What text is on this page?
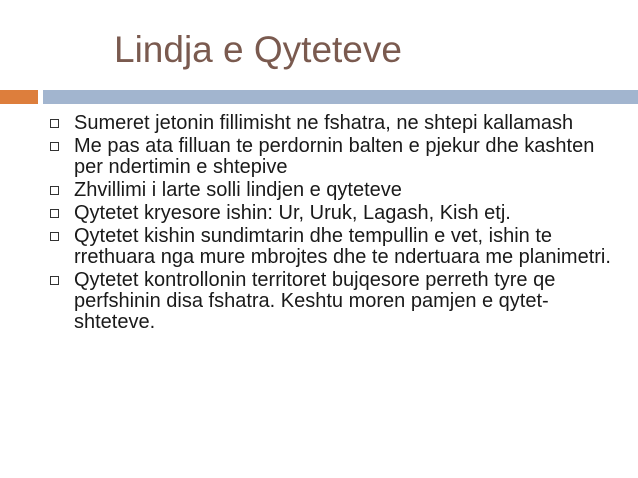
Lindja e Qyteteve
Sumeret jetonin fillimisht ne fshatra, ne shtepi kallamash
Me pas ata filluan te perdornin balten e pjekur dhe kashten per ndertimin e shtepive
Zhvillimi i larte solli lindjen e qyteteve
Qytetet kryesore ishin: Ur, Uruk, Lagash, Kish etj.
Qytetet kishin sundimtarin dhe tempullin e vet, ishin te rrethuara nga mure mbrojtes dhe te ndertuara me planimetri.
Qytetet kontrollonin territoret bujqesore perreth tyre qe perfshinin disa fshatra. Keshtu moren pamjen e qytet-shteteve.
